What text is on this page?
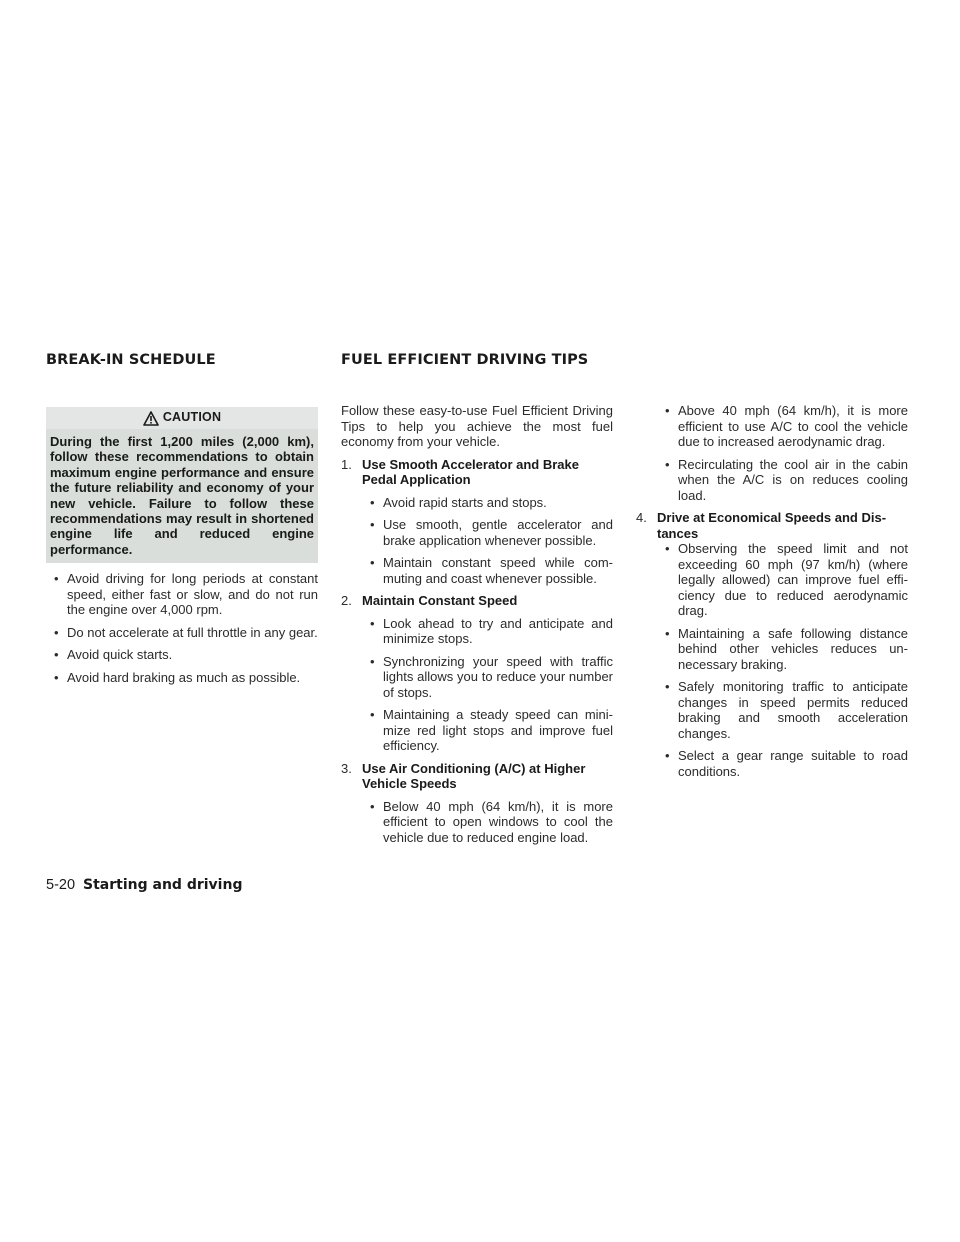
BREAK-IN SCHEDULE	FUEL EFFICIENT DRIVING TIPS
CAUTION
During the first 1,200 miles (2,000 km), follow these recommendations to obtain maximum engine performance and ensure the future reliability and economy of your new vehicle. Failure to follow these recommendations may result in shortened engine life and reduced engine performance.
• Avoid driving for long periods at constant speed, either fast or slow, and do not run the engine over 4,000 rpm.
• Do not accelerate at full throttle in any gear.
• Avoid quick starts.
• Avoid hard braking as much as possible.

Follow these easy-to-use Fuel Efficient Driving Tips to help you achieve the most fuel economy from your vehicle.

1. Use Smooth Accelerator and Brake Pedal Application
• Avoid rapid starts and stops.
• Use smooth, gentle accelerator and brake application whenever possible.
• Maintain constant speed while commuting and coast whenever possible.
2. Maintain Constant Speed
• Look ahead to try and anticipate and minimize stops.
• Synchronizing your speed with traffic lights allows you to reduce your number of stops.
• Maintaining a steady speed can minimize red light stops and improve fuel efficiency.
3. Use Air Conditioning (A/C) at Higher Vehicle Speeds
• Below 40 mph (64 km/h), it is more efficient to open windows to cool the vehicle due to reduced engine load.
• Above 40 mph (64 km/h), it is more efficient to use A/C to cool the vehicle due to increased aerodynamic drag.
• Recirculating the cool air in the cabin when the A/C is on reduces cooling load.
4. Drive at Economical Speeds and Distances
• Observing the speed limit and not exceeding 60 mph (97 km/h) (where legally allowed) can improve fuel efficiency due to reduced aerodynamic drag.
• Maintaining a safe following distance behind other vehicles reduces unnecessary braking.
• Safely monitoring traffic to anticipate changes in speed permits reduced braking and smooth acceleration changes.
• Select a gear range suitable to road conditions.
5-20 Starting and driving
